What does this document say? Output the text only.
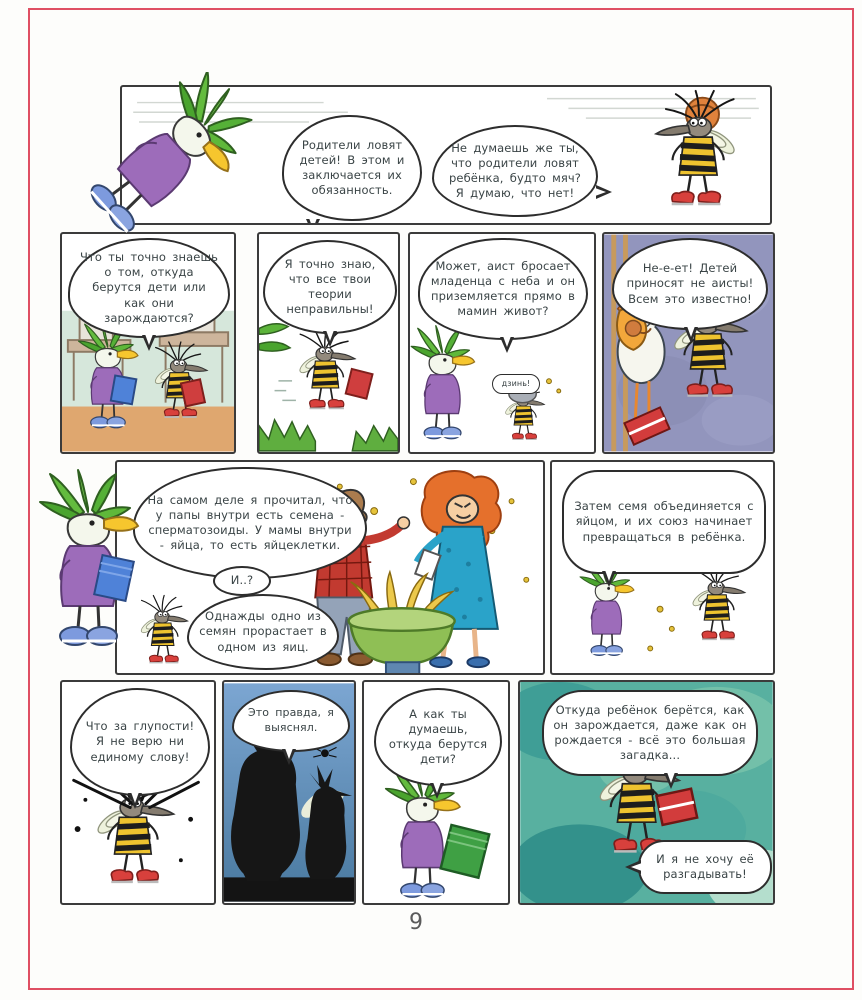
Родители ловят детей! В этом и заключается их обязанность.
Не думаешь же ты, что родители ловят ребёнка, будто мяч? Я думаю, что нет!
Что ты точно знаешь о том, откуда берутся дети или как они зарождаются?
Я точно знаю, что все твои теории неправильны!
Может, аист бросает младенца с неба и он приземляется прямо в мамин живот?
дзинь!
Не-е-ет! Детей приносят не аисты! Всем это известно!
На самом деле я прочитал, что у папы внутри есть семена - сперматозоиды. У мамы внутри - яйца, то есть яйцеклетки.
И..?
Однажды одно из семян прорастает в одном из яиц.
Затем семя объединяется с яйцом, и их союз начинает превращаться в ребёнка.
Что за глупости! Я не верю ни единому слову!
Это правда, я выяснял.
А как ты думаешь, откуда берутся дети?
Откуда ребёнок берётся, как он зарождается, даже как он рождается - всё это большая загадка...
И я не хочу её разгадывать!
9
